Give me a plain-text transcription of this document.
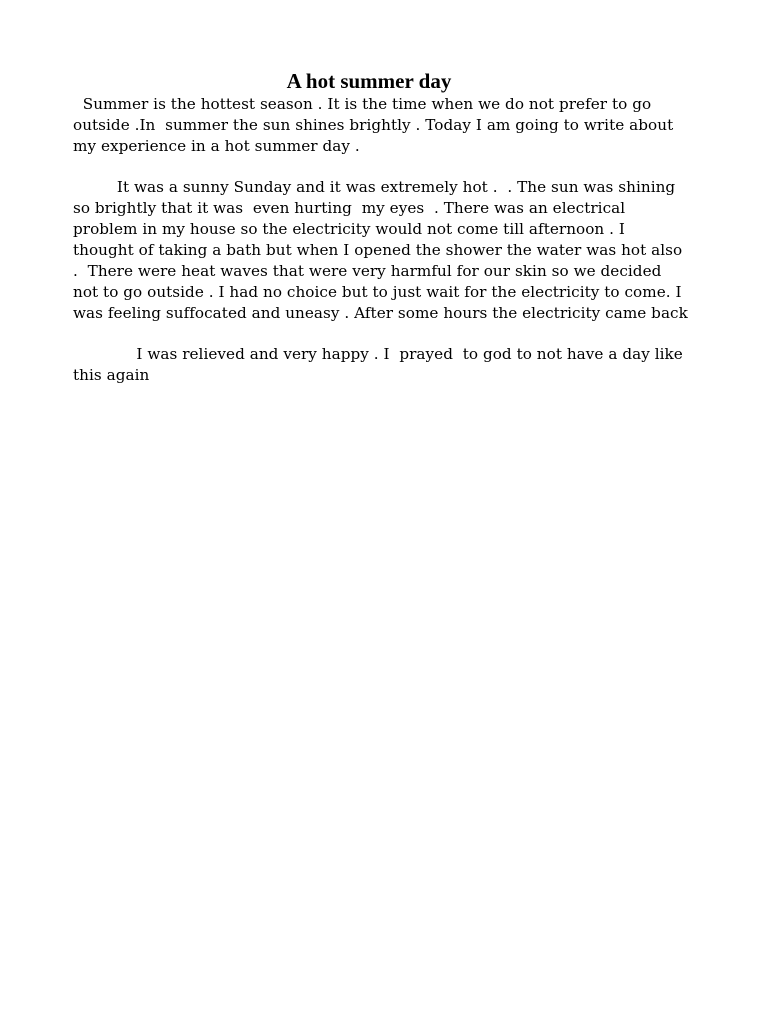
A hot summer day
Summer is the hottest season . It is the time when we do not prefer to go
outside .In  summer the sun shines brightly . Today I am going to write about
my experience in a hot summer day .
It was a sunny Sunday and it was extremely hot .  . The sun was shining
so brightly that it was  even hurting  my eyes  . There was an electrical
problem in my house so the electricity would not come till afternoon . I
thought of taking a bath but when I opened the shower the water was hot also
.  There were heat waves that were very harmful for our skin so we decided
not to go outside . I had no choice but to just wait for the electricity to come. I
was feeling suffocated and uneasy . After some hours the electricity came back
I was relieved and very happy . I  prayed  to god to not have a day like
this again
